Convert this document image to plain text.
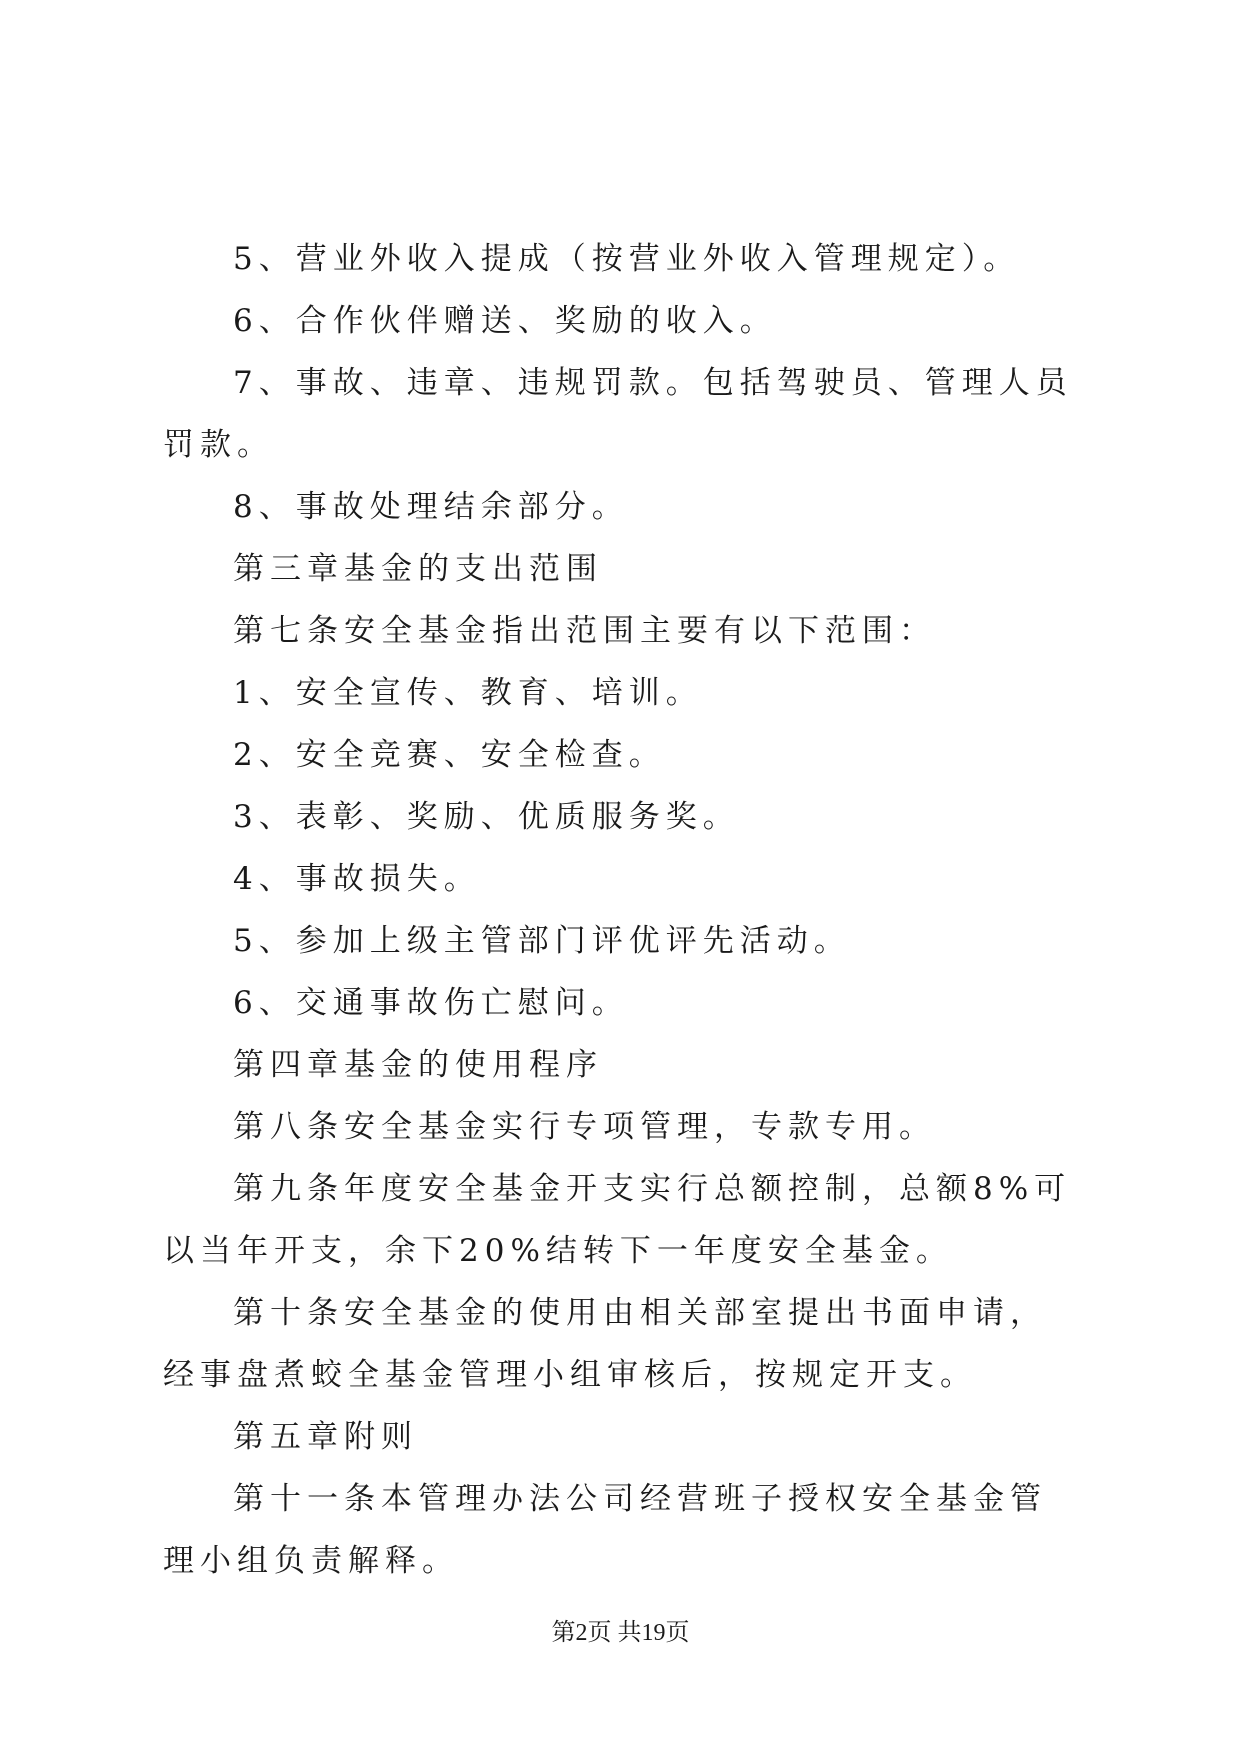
5、营业外收入提成（按营业外收入管理规定）。

6、合作伙伴赠送、奖励的收入。

7、事故、违章、违规罚款。包括驾驶员、管理人员罚款。

8、事故处理结余部分。

第三章基金的支出范围

第七条安全基金指出范围主要有以下范围：

1、安全宣传、教育、培训。

2、安全竞赛、安全检查。

3、表彰、奖励、优质服务奖。

4、事故损失。

5、参加上级主管部门评优评先活动。

6、交通事故伤亡慰问。

第四章基金的使用程序

第八条安全基金实行专项管理，专款专用。

第九条年度安全基金开支实行总额控制，总额8%可以当年开支，余下20%结转下一年度安全基金。

第十条安全基金的使用由相关部室提出书面申请，经事盘煮蛟全基金管理小组审核后，按规定开支。

第五章附则

第十一条本管理办法公司经营班子授权安全基金管理小组负责解释。

第2页 共19页
